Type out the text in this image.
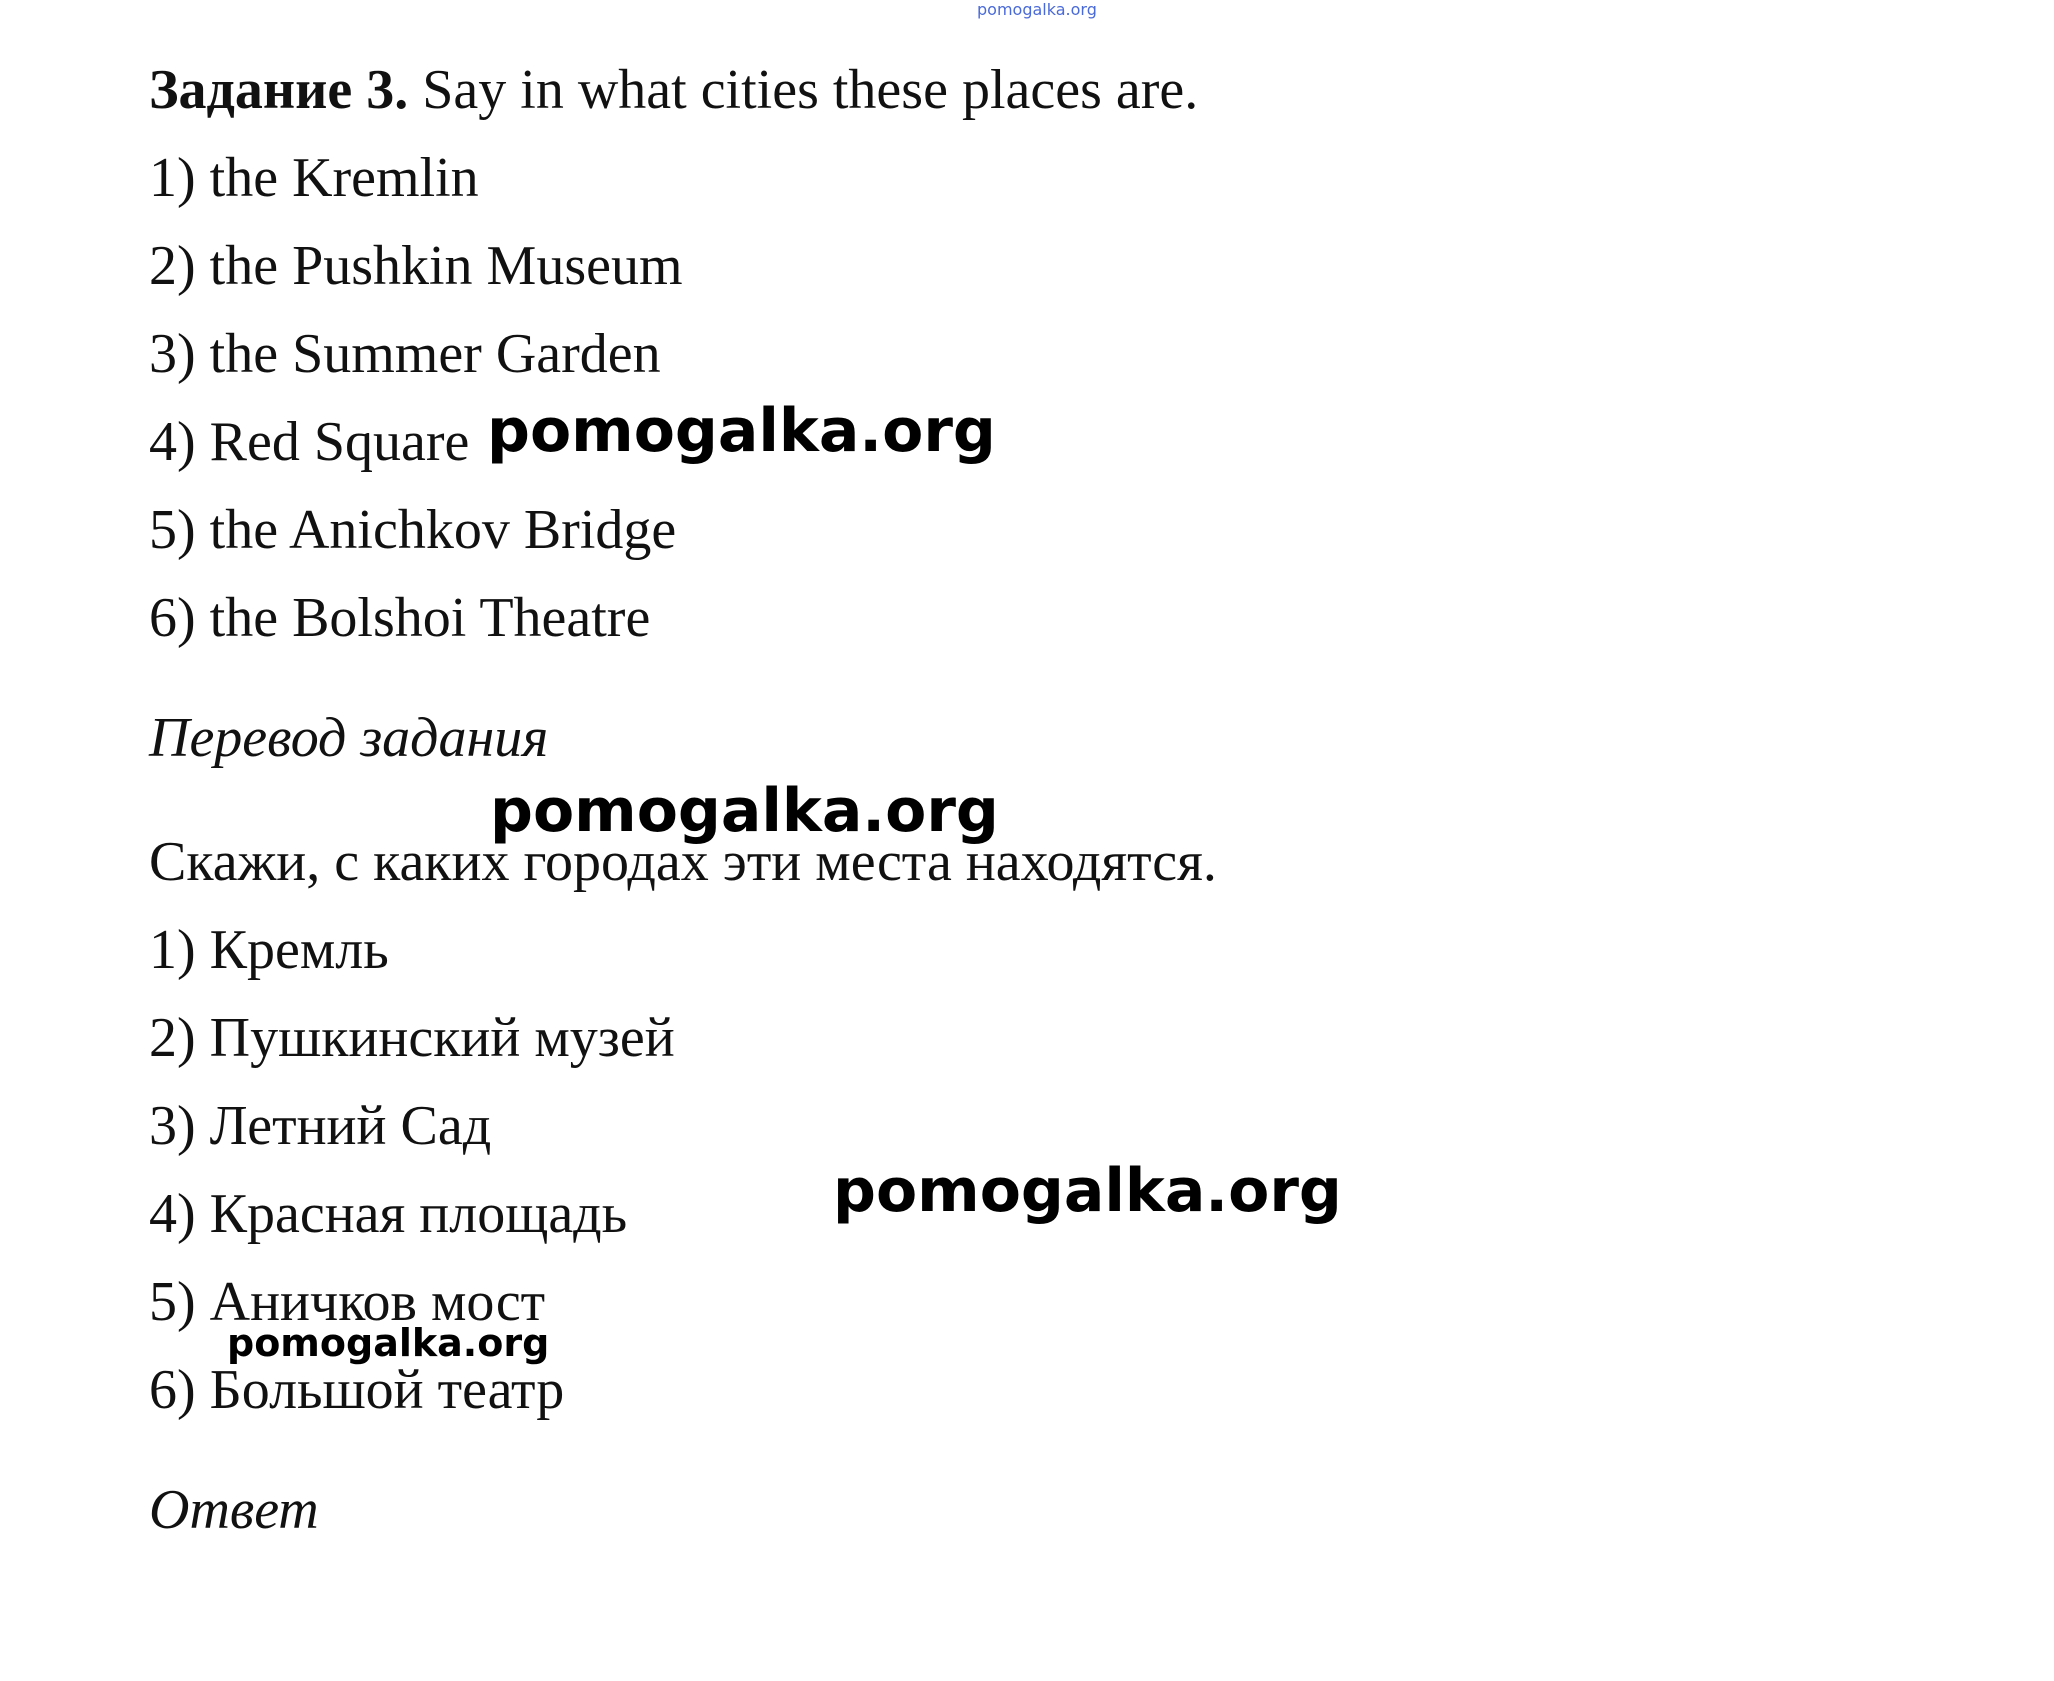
pomogalka.org
Задание 3. Say in what cities these places are.
1) the Kremlin
2) the Pushkin Museum
3) the Summer Garden
4) Red Square
5) the Anichkov Bridge
6) the Bolshoi Theatre
pomogalka.org
Перевод задания
pomogalka.org
Скажи, с каких городах эти места находятся.
1) Кремль
2) Пушкинский музей
3) Летний Сад
4) Красная площадь	pomogalka.org
5) Аничков мост
pomogalka.org
6) Большой театр
Ответ
